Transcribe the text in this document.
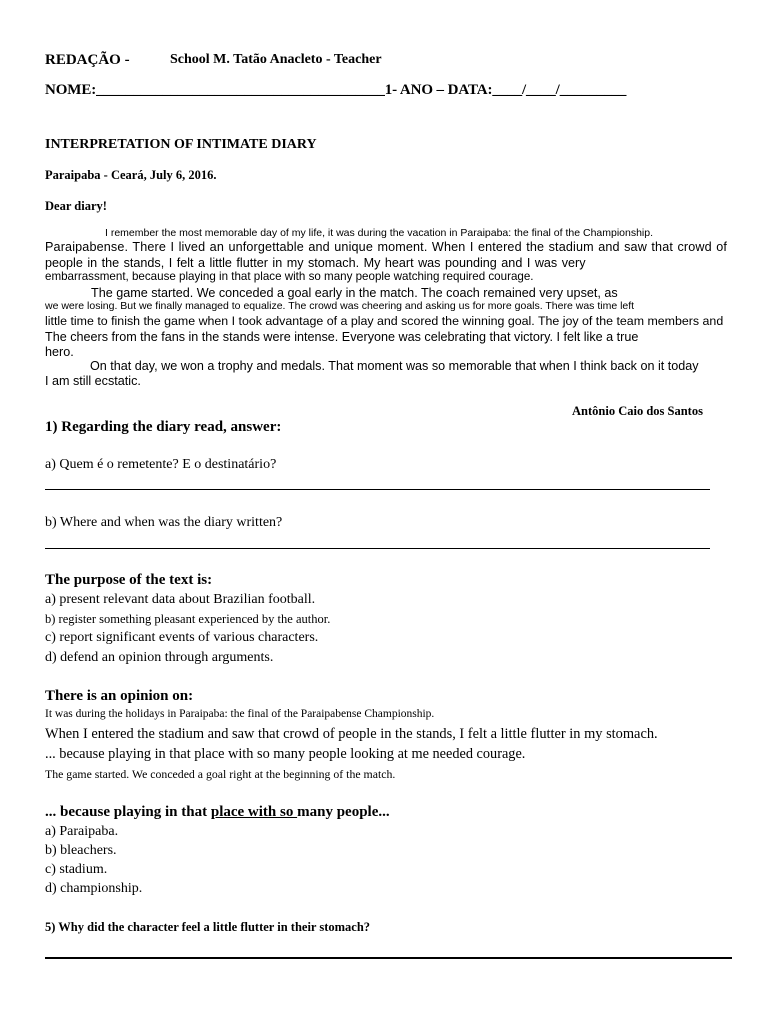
REDAÇÃO -	School M. Tatão Anacleto - Teacher
NOME:_______________________________________1- ANO – DATA:____/____/_________
INTERPRETATION OF INTIMATE DIARY
Paraipaba - Ceará, July 6, 2016.
Dear diary!
I remember the most memorable day of my life, it was during the vacation in Paraipaba: the final of the Championship.
Paraipabense. There I lived an unforgettable and unique moment. When I entered the stadium and saw that crowd of
people in the stands, I felt a little flutter in my stomach. My heart was pounding and I was very
embarrassment, because playing in that place with so many people watching required courage.
The game started. We conceded a goal early in the match. The coach remained very upset, as
we were losing. But we finally managed to equalize. The crowd was cheering and asking us for more goals. There was time left
little time to finish the game when I took advantage of a play and scored the winning goal. The joy of the team members and
The cheers from the fans in the stands were intense. Everyone was celebrating that victory. I felt like a true
hero.
On that day, we won a trophy and medals. That moment was so memorable that when I think back on it today
I am still ecstatic.
Antônio Caio dos Santos
1) Regarding the diary read, answer:
a) Quem é o remetente? E o destinatário?
b) Where and when was the diary written?
The purpose of the text is:
a) present relevant data about Brazilian football.
b) register something pleasant experienced by the author.
c) report significant events of various characters.
d) defend an opinion through arguments.
There is an opinion on:
It was during the holidays in Paraipaba: the final of the Paraipabense Championship.
When I entered the stadium and saw that crowd of people in the stands, I felt a little flutter in my stomach.
... because playing in that place with so many people looking at me needed courage.
The game started. We conceded a goal right at the beginning of the match.
... because playing in that place with so many people...
a) Paraipaba.
b) bleachers.
c) stadium.
d) championship.
5) Why did the character feel a little flutter in their stomach?
